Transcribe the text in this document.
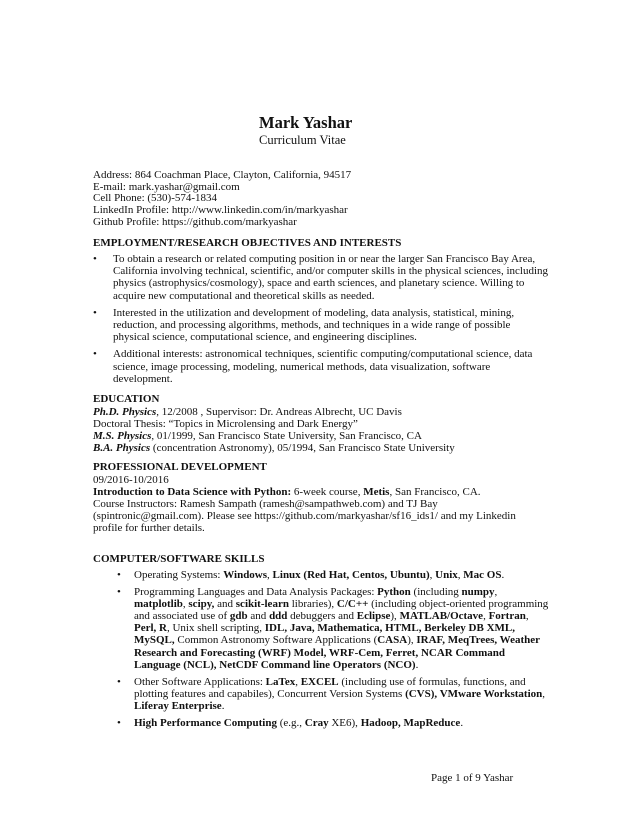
Mark Yashar
Curriculum Vitae
Address: 864 Coachman Place, Clayton, California, 94517
E-mail: mark.yashar@gmail.com
Cell Phone: (530)-574-1834
LinkedIn Profile: http://www.linkedin.com/in/markyashar
Github Profile: https://github.com/markyashar
EMPLOYMENT/RESEARCH OBJECTIVES AND INTERESTS
• To obtain a research or related computing position in or near the larger San Francisco Bay Area, California involving technical, scientific, and/or computer skills in the physical sciences, including physics (astrophysics/cosmology), space and earth sciences, and planetary science. Willing to acquire new computational and theoretical skills as needed.
• Interested in the utilization and development of modeling, data analysis, statistical, mining, reduction, and processing algorithms, methods, and techniques in a wide range of possible physical science, computational science, and engineering disciplines.
• Additional interests: astronomical techniques, scientific computing/computational science, data science, image processing, modeling, numerical methods, data visualization, software development.
EDUCATION
Ph.D. Physics, 12/2008 , Supervisor: Dr. Andreas Albrecht, UC Davis
Doctoral Thesis: “Topics in Microlensing and Dark Energy”
M.S. Physics, 01/1999, San Francisco State University, San Francisco, CA
B.A. Physics (concentration Astronomy), 05/1994, San Francisco State University
PROFESSIONAL DEVELOPMENT
09/2016-10/2016
Introduction to Data Science with Python: 6-week course, Metis, San Francisco, CA.
Course Instructors: Ramesh Sampath (ramesh@sampathweb.com) and TJ Bay
(spintronic@gmail.com). Please see https://github.com/markyashar/sf16_ids1/ and my Linkedin
profile for further details.
COMPUTER/SOFTWARE SKILLS
• Operating Systems: Windows, Linux (Red Hat, Centos, Ubuntu), Unix, Mac OS.
• Programming Languages and Data Analysis Packages: Python (including numpy, matplotlib, scipy, and scikit-learn libraries), C/C++ (including object-oriented programming and associated use of gdb and ddd debuggers and Eclipse), MATLAB/Octave, Fortran, Perl, R, Unix shell scripting, IDL, Java, Mathematica, HTML, Berkeley DB XML, MySQL, Common Astronomy Software Applications (CASA), IRAF, MeqTrees, Weather Research and Forecasting (WRF) Model, WRF-Cem, Ferret, NCAR Command Language (NCL), NetCDF Command line Operators (NCO).
• Other Software Applications: LaTex, EXCEL (including use of formulas, functions, and plotting features and capabiles), Concurrent Version Systems (CVS), VMware Workstation, Liferay Enterprise.
• High Performance Computing (e.g., Cray XE6), Hadoop, MapReduce.
Page 1 of 9 Yashar
